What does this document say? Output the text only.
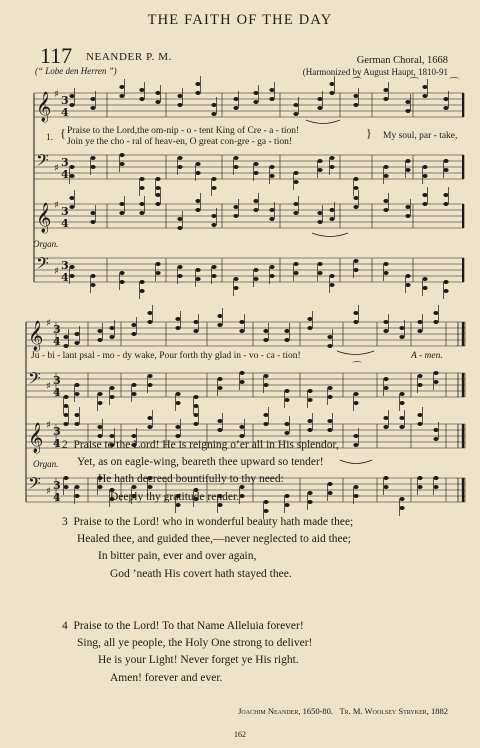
THE FAITH OF THE DAY
117 NEANDER P. M.
(“ Lobe den Herren ”)
German Choral, 1668
(Harmonized by August Haupt, 1810-91
𝄞 ♯ 3
4
𝄢 ♯ 3
4
𝄞 ♯ 3
4
𝄢 ♯ 3
4
𝄞 ♯ 3
4
𝄢 ♯ 3
4
𝄞 ♯ 3
4
𝄢 ♯ 3
4
⌒
⌒
⌒	⌒
1. { Praise to the Lord,the om-nip - o - tent King of Cre - a - tion!
Join ye the cho - ral of heav-en, O great con-gre - ga - tion!
} My soul, par - take,
Organ.
Ju - bi - lant psal - mo - dy wake, Pour forth thy glad in - vo - ca - tion!	A - men.
Organ.

2 Praise to the Lord! He is reigning o’er all in His splendor,

Yet, as on eagle-wing, beareth thee upward so tender!

He hath decreed bountifully to thy need:

Deeply thy gratitude render.

3 Praise to the Lord! who in wonderful beauty hath made thee;

Healed thee, and guided thee,—never neglected to aid thee;

In bitter pain, ever and over again,

God ’neath His covert hath stayed thee.

4 Praise to the Lord! To that Name Alleluia forever!

Sing, all ye people, the Holy One strong to deliver!

He is your Light! Never forget ye His right.

Amen! forever and ever.

Joachim Neander, 1650-80. Tr. M. Woolsey Stryker, 1882
162
